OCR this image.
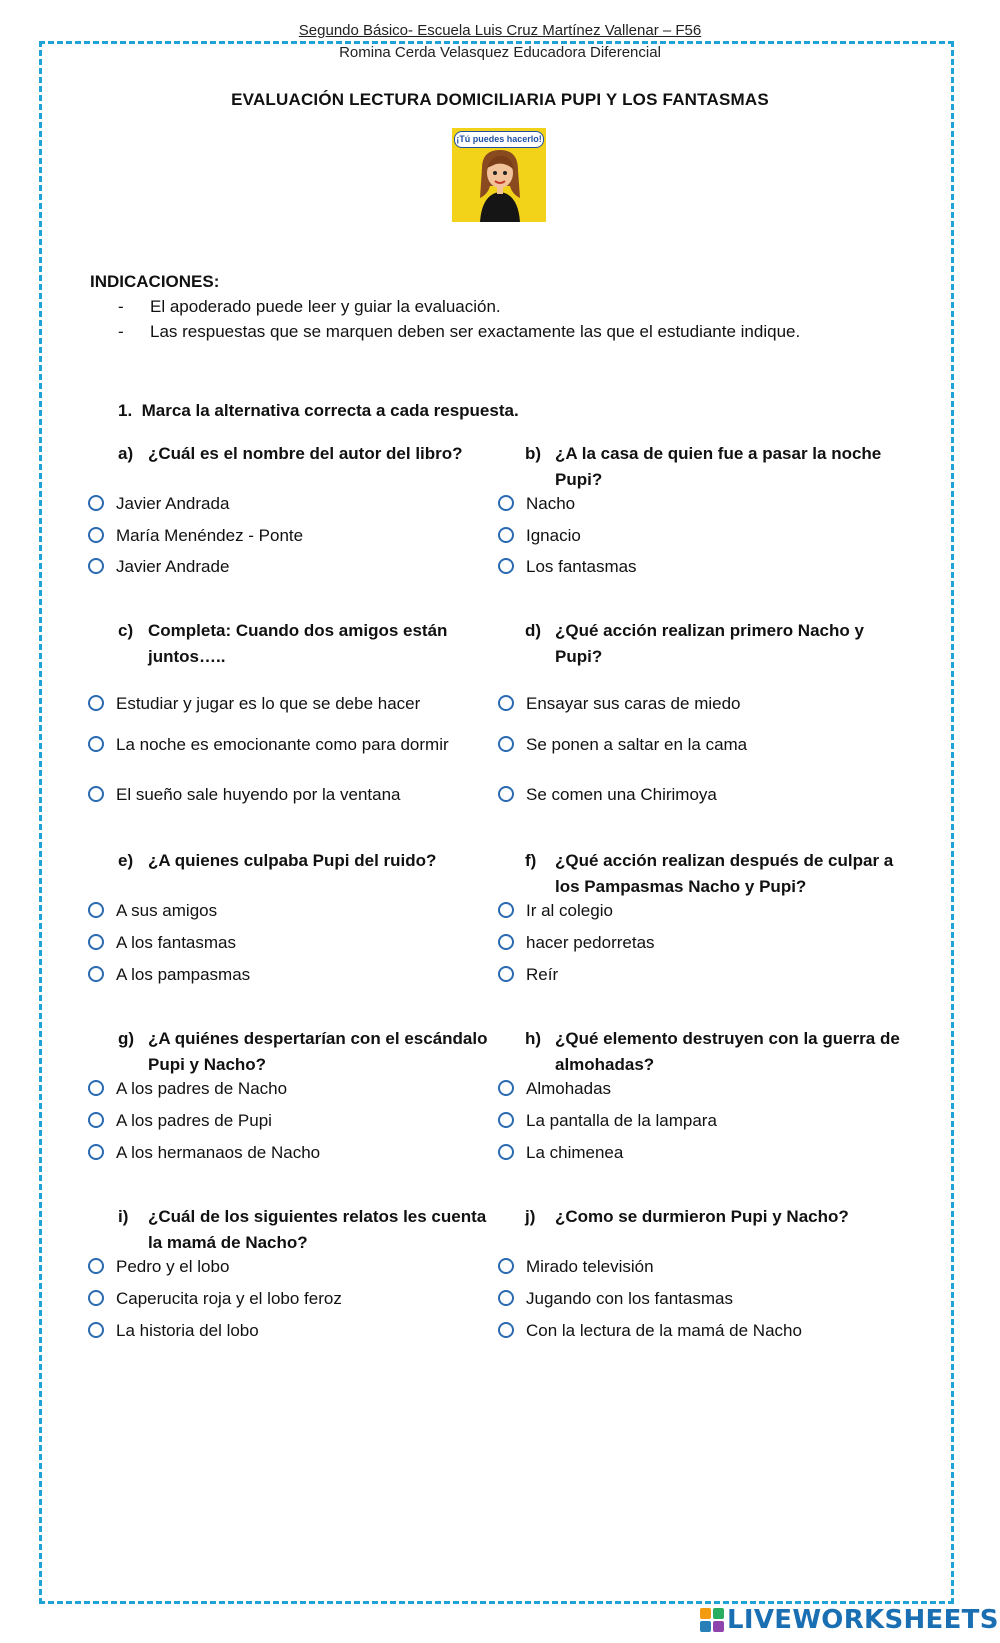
Segundo Básico- Escuela Luis Cruz Martínez Vallenar – F56
Romina Cerda Velasquez Educadora Diferencial
EVALUACIÓN LECTURA DOMICILIARIA PUPI Y LOS FANTASMAS
¡Tú puedes hacerlo!
INDICACIONES:
- El apoderado puede leer y guiar la evaluación.
- Las respuestas que se marquen deben ser exactamente las que el estudiante indique.
1. Marca la alternativa correcta a cada respuesta.
a) ¿Cuál es el nombre del autor del libro?
Javier Andrada
María Menéndez - Ponte
Javier Andrade
b) ¿A la casa de quien fue a pasar la noche Pupi?
Nacho
Ignacio
Los fantasmas
c) Completa: Cuando dos amigos están juntos…..
Estudiar y jugar es lo que se debe hacer
La noche es emocionante como para dormir
El sueño sale huyendo por la ventana
d) ¿Qué acción realizan primero Nacho y Pupi?
Ensayar sus caras de miedo
Se ponen a saltar en la cama
Se comen una Chirimoya
e) ¿A quienes culpaba Pupi del ruido?
A sus amigos
A los fantasmas
A los pampasmas
f) ¿Qué acción realizan después de culpar a los Pampasmas Nacho y Pupi?
Ir al colegio
hacer pedorretas
Reír
g) ¿A quiénes despertarían con el escándalo Pupi y Nacho?
A los padres de Nacho
A los padres de Pupi
A los hermanaos de Nacho
h) ¿Qué elemento destruyen con la guerra de almohadas?
Almohadas
La pantalla de la lampara
La chimenea
i) ¿Cuál de los siguientes relatos les cuenta la mamá de Nacho?
Pedro y el lobo
Caperucita roja y el lobo feroz
La historia del lobo
j) ¿Como se durmieron Pupi y Nacho?
Mirado televisión
Jugando con los fantasmas
Con la lectura de la mamá de Nacho
LIVEWORKSHEETS
